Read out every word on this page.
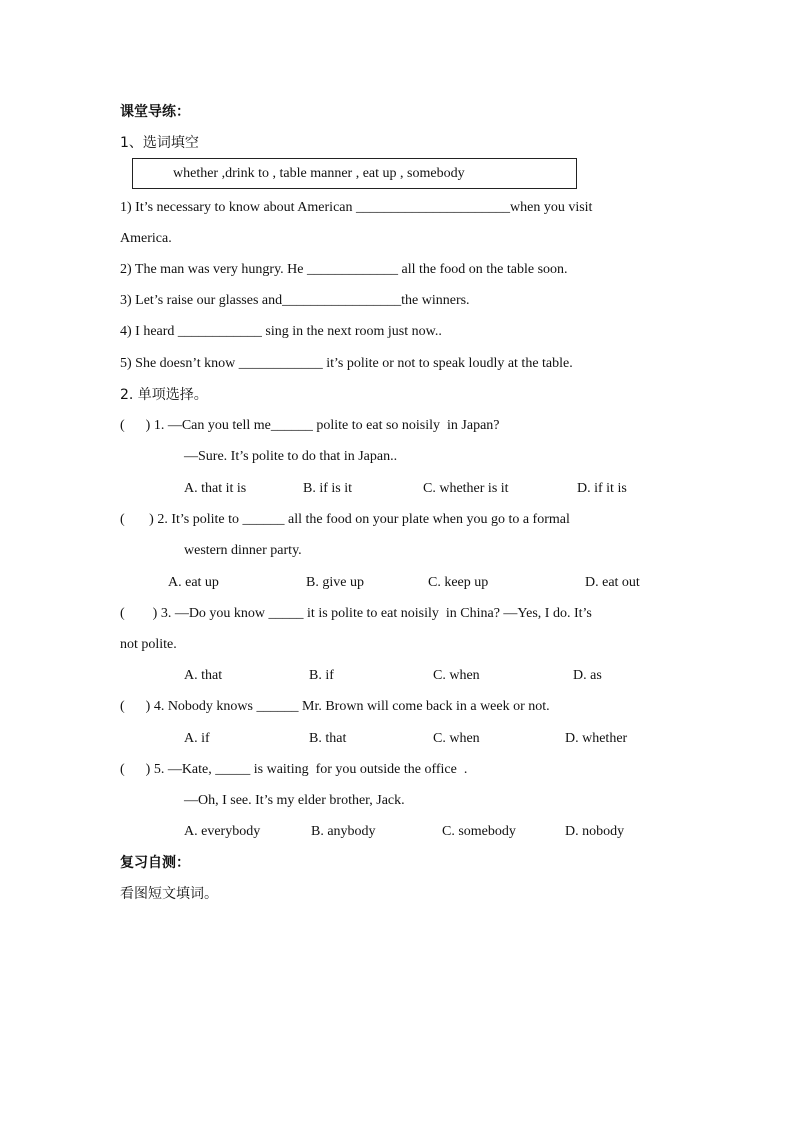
课堂导练：
1、选词填空
whether ,drink to , table manner , eat up , somebody
1) It’s necessary to know about American ______________________when you visit
America.
2) The man was very hungry. He _____________ all the food on the table soon.
3) Let’s raise our glasses and_________________the winners.
4) I heard ____________ sing in the next room just now..
5) She doesn’t know ____________ it’s polite or not to speak loudly at the table.
2. 单项选择。
(      ) 1. —Can you tell me______ polite to eat so noisily  in Japan?
—Sure. It’s polite to do that in Japan..
A. that it is	B. if is it	C. whether is it	D. if it is
(       ) 2. It’s polite to ______ all the food on your plate when you go to a formal
western dinner party.
A. eat up	B. give up	C. keep up	D. eat out
(        ) 3. —Do you know _____ it is polite to eat noisily  in China? —Yes, I do. It’s
not polite.
A. that	B. if	C. when	D. as
(      ) 4. Nobody knows ______ Mr. Brown will come back in a week or not.
A. if	B. that	C. when	D. whether
(      ) 5. —Kate, _____ is waiting  for you outside the office  .
—Oh, I see. It’s my elder brother, Jack.
A. everybody	B. anybody	C. somebody	D. nobody
复习自测：
看图短文填词。
